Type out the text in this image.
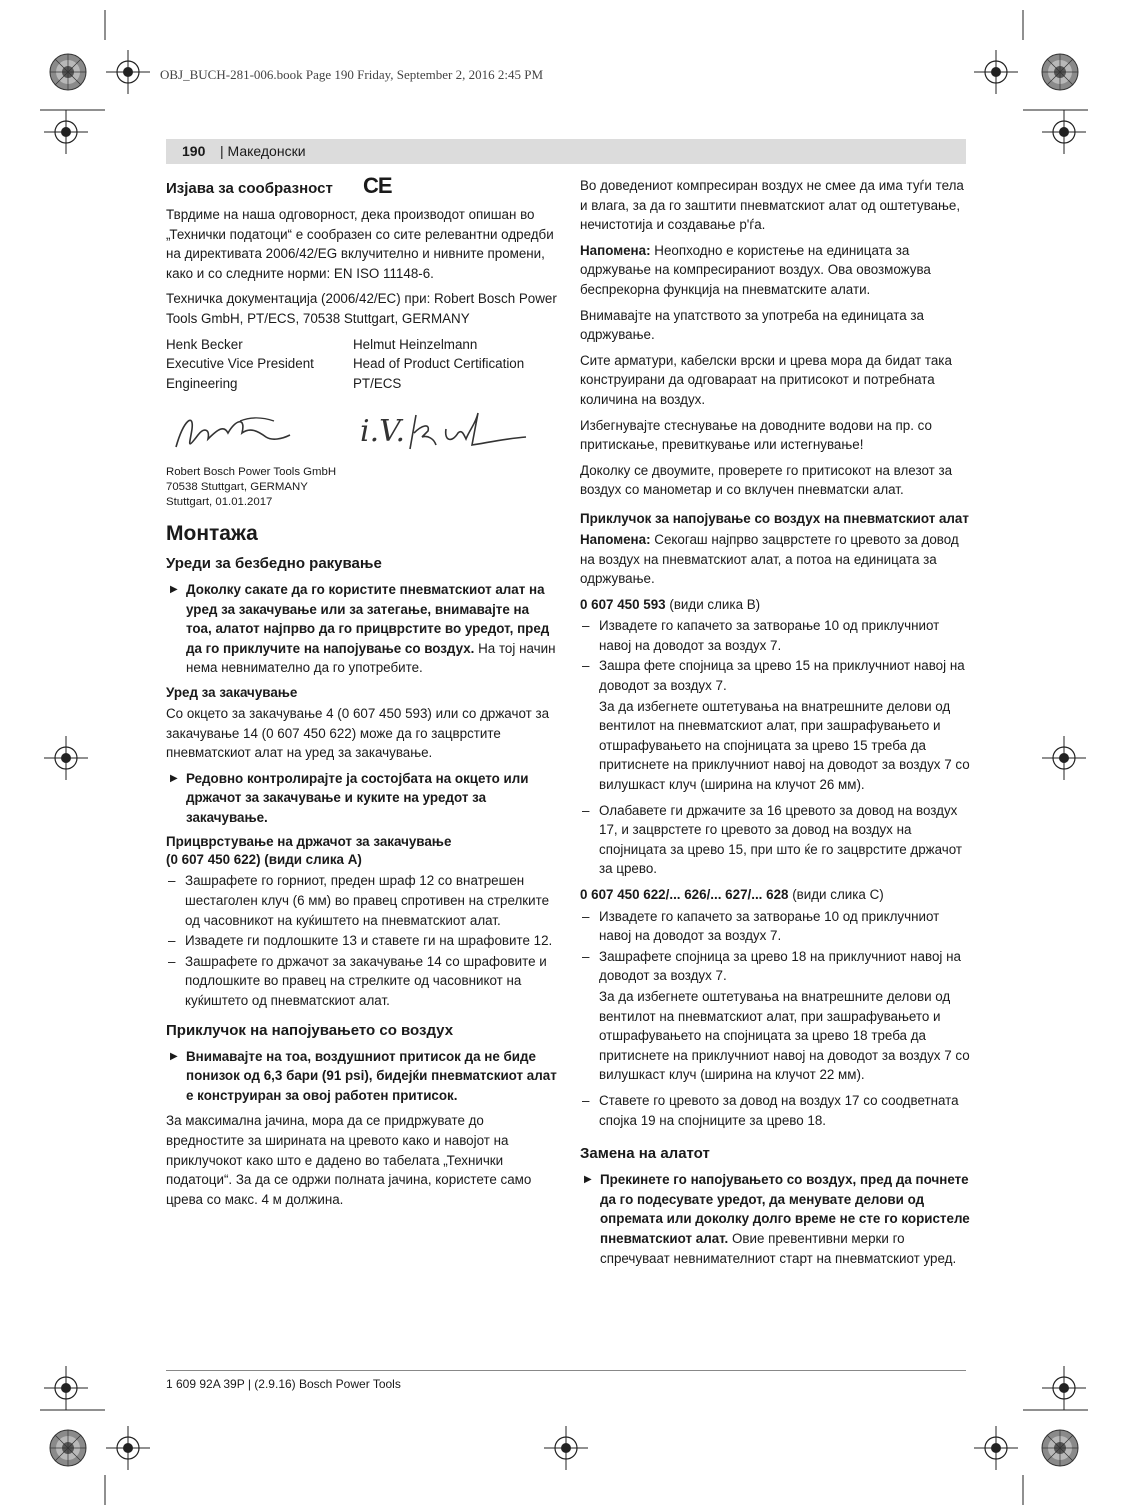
OBJ_BUCH-281-006.book Page 190 Friday, September 2, 2016 2:45 PM
190 | Македонски
Изјава за сообразност CE

Тврдиме на наша одговорност, дека производот опишан во „Технички податоци“ е сообразен со сите релевантни одредби на директивата 2006/42/EG вклучително и нивните промени, како и со следните норми: EN ISO 11148-6.

Техничка документација (2006/42/EC) при: Robert Bosch Power Tools GmbH, PT/ECS, 70538 Stuttgart, GERMANY

Henk Becker
Executive Vice President
Engineering
Helmut Heinzelmann
Head of Product Certification
PT/ECS
i.V.
Robert Bosch Power Tools GmbH
70538 Stuttgart, GERMANY
Stuttgart, 01.01.2017
Монтажа
Уреди за безбедно ракување

▶ Доколку сакате да го користите пневматскиот алат на уред за закачување или за затегање, внимавајте на тоа, алатот најпрво да го прицврстите во уредот, пред да го приклучите на напојување со воздух. На тој начин нема невнимателно да го употребите.

Уред за закачување

Со окцето за закачување 4 (0 607 450 593) или со држачот за закачување 14 (0 607 450 622) може да го зацврстите пневматскиот алат на уред за закачување.

▶ Редовно контролирајте ја состојбата на окцето или држачот за закачување и куките на уредот за закачување.

Прицврстување на држачот за закачување
(0 607 450 622) (види слика A)
– Зашрафете го горниот, преден шраф 12 со внатрешен шестаголен клуч (6 мм) во правец спротивен на стрелките од часовникот на куќиштето на пневматскиот алат.
– Извадете ги подлошките 13 и ставете ги на шрафовите 12.
– Зашрафете го држачот за закачување 14 со шрафовите и подлошките во правец на стрелките од часовникот на куќиштето од пневматскиот алат.
Приклучок на напојувањето со воздух

▶ Внимавајте на тоа, воздушниот притисок да не биде понизок од 6,3 бари (91 psi), бидејќи пневматскиот алат е конструиран за овој работен притисок.

За максимална јачина, мора да се придржувате до вредностите за ширината на цревото како и навојот на приклучокот како што е дадено во табелата „Технички податоци“. За да се одржи полната јачина, користете само црева со макс. 4 м должина.

Во доведениот компресиран воздух не смее да има туѓи тела и влага, за да го заштити пневматскиот алат од оштетување, нечистотија и создавање р'ѓа.

Напомена: Неопходно е користење на единицата за одржување на компресираниот воздух. Ова овозможува беспрекорна функција на пневматските алати.

Внимавајте на упатството за употреба на единицата за одржување.

Сите арматури, кабелски врски и црева мора да бидат така конструирани да одговараат на притисокот и потребната количина на воздух.

Избегнувајте стеснување на доводните водови на пр. со притискање, превиткување или истегнување!

Доколку се двоумите, проверете го притисокот на влезот за воздух со манометар и со вклучен пневматски алат.

Приклучок за напојување со воздух на пневматскиот алат

Напомена: Секогаш најпрво зацврстете го цревото за довод на воздух на пневматскиот алат, а потоа на единицата за одржување.

0 607 450 593 (види слика B)

– Извадете го капачето за затворање 10 од приклучниот навој на доводот за воздух 7.
– Зашра фете спојница за црево 15 на приклучниот навој на доводот за воздух 7.

За да избегнете оштетувања на внатрешните делови од вентилот на пневматскиот алат, при зашрафувањето и отшрафувањето на спојницата за црево 15 треба да притиснете на приклучниот навој на доводот за воздух 7 со вилушкаст клуч (ширина на клучот 26 мм).

– Олабавете ги држачите за 16 цревото за довод на воздух 17, и зацврстете го цревото за довод на воздух на спојницата за црево 15, при што ќе го зацврстите држачот за црево.

0 607 450 622/... 626/... 627/... 628 (види слика C)

– Извадете го капачето за затворање 10 од приклучниот навој на доводот за воздух 7.
– Зашрафете спојница за црево 18 на приклучниот навој на доводот за воздух 7.

За да избегнете оштетувања на внатрешните делови од вентилот на пневматскиот алат, при зашрафувањето и отшрафувањето на спојницата за црево 18 треба да притиснете на приклучниот навој на доводот за воздух 7 со вилушкаст клуч (ширина на клучот 22 мм).

– Ставете го цревото за довод на воздух 17 со соодветната спојка 19 на спојниците за црево 18.
Замена на алатот

▶ Прекинете го напојувањето со воздух, пред да почнете да го подесувате уредот, да менувате делови од опремата или доколку долго време не сте го користеле пневматскиот алат. Овие превентивни мерки го спречуваат невнимателниот старт на пневматскиот уред.

1 609 92A 39P | (2.9.16) Bosch Power Tools
